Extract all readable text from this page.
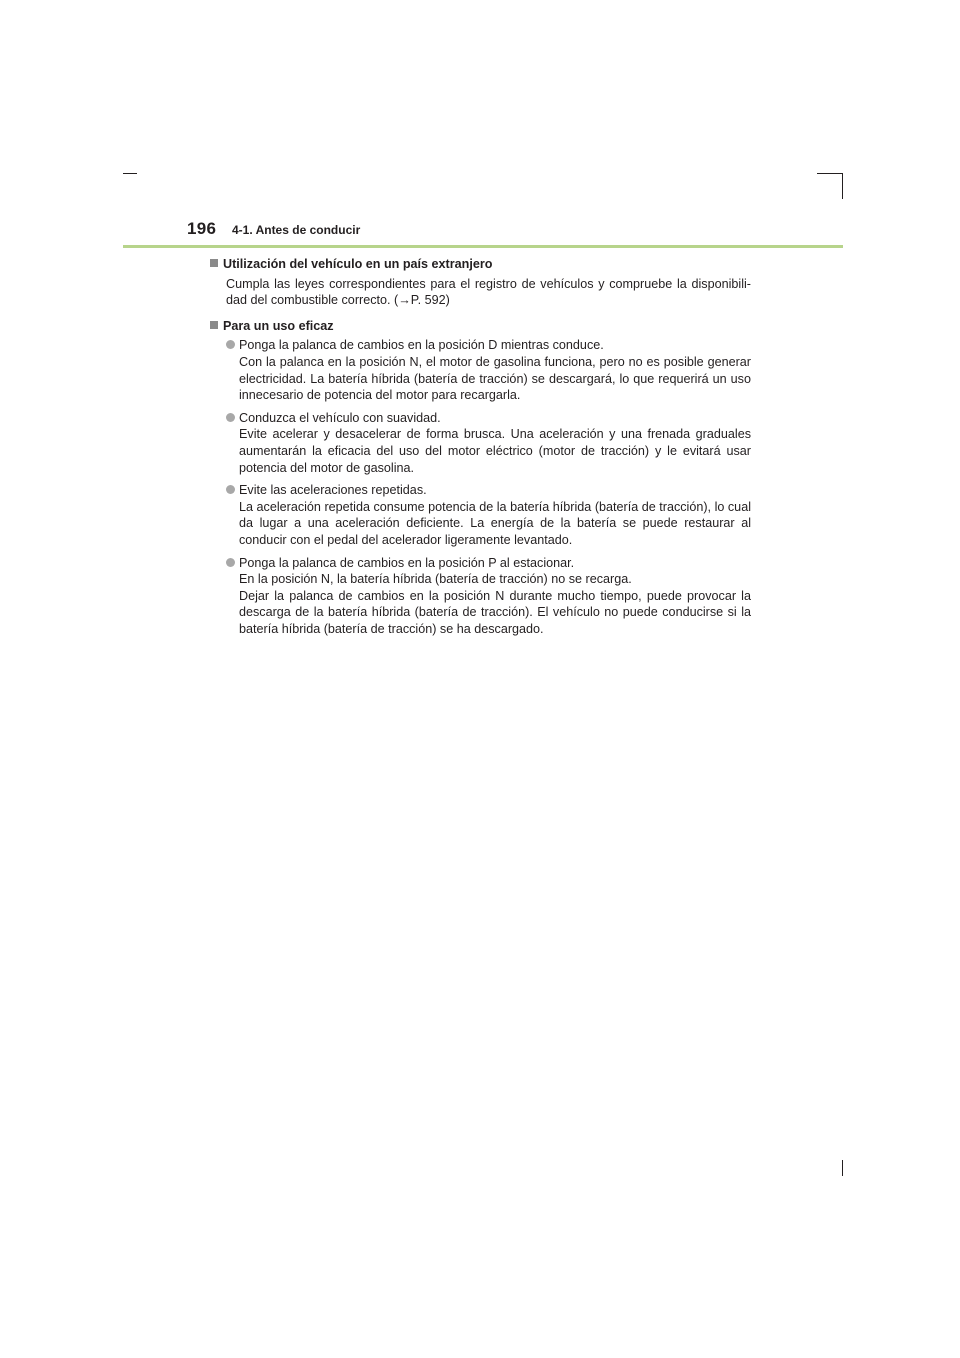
196 4-1. Antes de conducir
Utilización del vehículo en un país extranjero
Cumpla las leyes correspondientes para el registro de vehículos y compruebe la disponibili-dad del combustible correcto. (→P. 592)
Para un uso eficaz

Ponga la palanca de cambios en la posición D mientras conduce.

Con la palanca en la posición N, el motor de gasolina funciona, pero no es posible generar electricidad. La batería híbrida (batería de tracción) se descargará, lo que requerirá un uso innecesario de potencia del motor para recargarla.

Conduzca el vehículo con suavidad.

Evite acelerar y desacelerar de forma brusca. Una aceleración y una frenada graduales aumentarán la eficacia del uso del motor eléctrico (motor de tracción) y le evitará usar potencia del motor de gasolina.

Evite las aceleraciones repetidas.

La aceleración repetida consume potencia de la batería híbrida (batería de tracción), lo cual da lugar a una aceleración deficiente. La energía de la batería se puede restaurar al conducir con el pedal del acelerador ligeramente levantado.

Ponga la palanca de cambios en la posición P al estacionar.

En la posición N, la batería híbrida (batería de tracción) no se recarga.

Dejar la palanca de cambios en la posición N durante mucho tiempo, puede provocar la descarga de la batería híbrida (batería de tracción). El vehículo no puede conducirse si la batería híbrida (batería de tracción) se ha descargado.
